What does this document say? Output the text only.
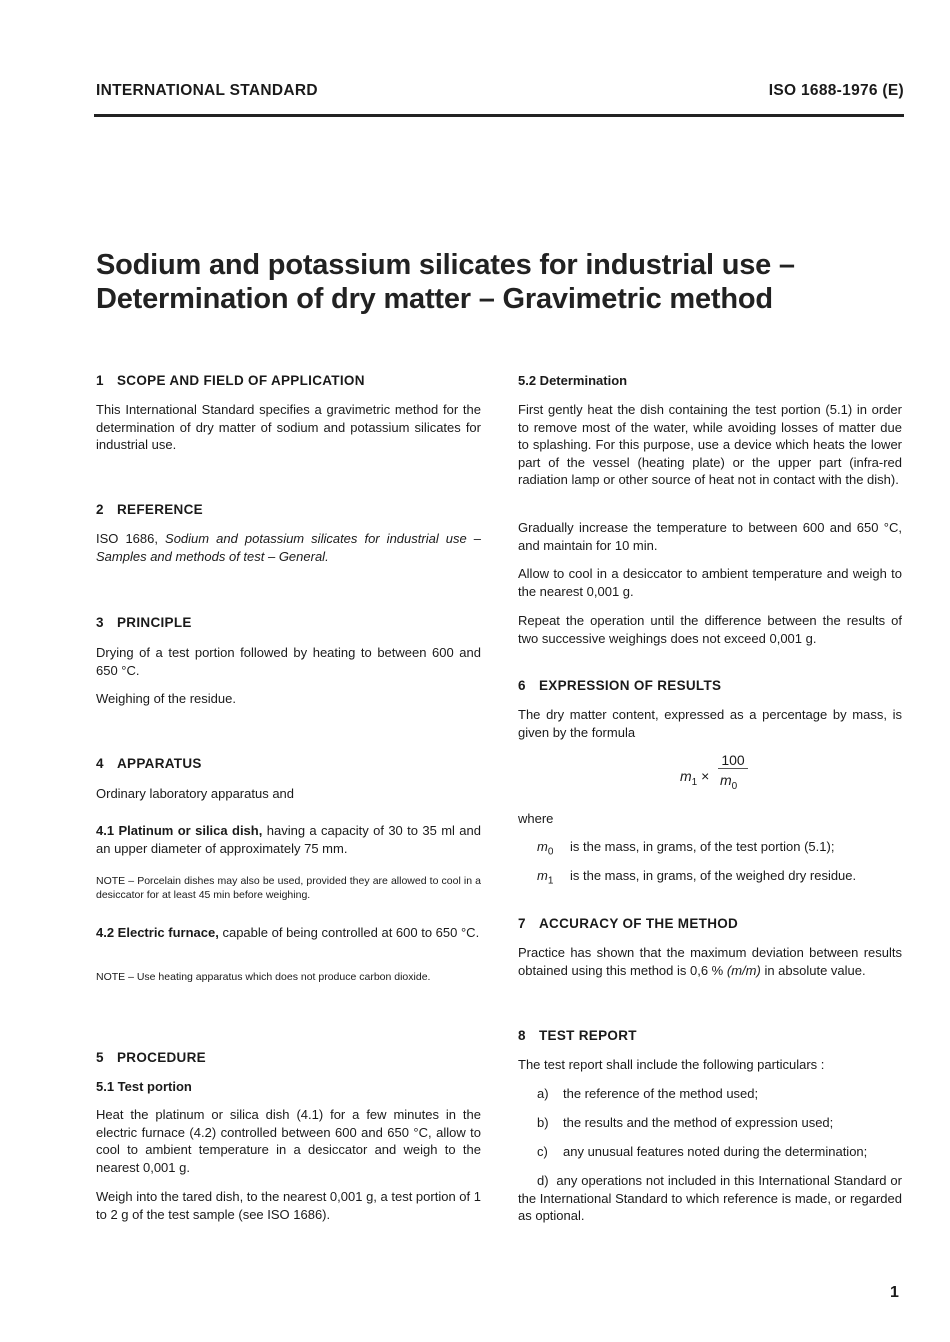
INTERNATIONAL STANDARD	ISO 1688-1976 (E)
Sodium and potassium silicates for industrial use –
Determination of dry matter – Gravimetric method
1 SCOPE AND FIELD OF APPLICATION
This International Standard specifies a gravimetric method for the determination of dry matter of sodium and potassium silicates for industrial use.
2 REFERENCE
ISO 1686, Sodium and potassium silicates for industrial use – Samples and methods of test – General.
3 PRINCIPLE
Drying of a test portion followed by heating to between 600 and 650 °C.
Weighing of the residue.
4 APPARATUS
Ordinary laboratory apparatus and
4.1 Platinum or silica dish, having a capacity of 30 to 35 ml and an upper diameter of approximately 75 mm.
NOTE – Porcelain dishes may also be used, provided they are allowed to cool in a desiccator for at least 45 min before weighing.
4.2 Electric furnace, capable of being controlled at 600 to 650 °C.
NOTE – Use heating apparatus which does not produce carbon dioxide.
5 PROCEDURE
5.1 Test portion
Heat the platinum or silica dish (4.1) for a few minutes in the electric furnace (4.2) controlled between 600 and 650 °C, allow to cool to ambient temperature in a desiccator and weigh to the nearest 0,001 g.
Weigh into the tared dish, to the nearest 0,001 g, a test portion of 1 to 2 g of the test sample (see ISO 1686).
5.2 Determination
First gently heat the dish containing the test portion (5.1) in order to remove most of the water, while avoiding losses of matter due to splashing. For this purpose, use a device which heats the lower part of the vessel (heating plate) or the upper part (infra-red radiation lamp or other source of heat not in contact with the dish).
Gradually increase the temperature to between 600 and 650 °C, and maintain for 10 min.
Allow to cool in a desiccator to ambient temperature and weigh to the nearest 0,001 g.
Repeat the operation until the difference between the results of two successive weighings does not exceed 0,001 g.
6 EXPRESSION OF RESULTS
The dry matter content, expressed as a percentage by mass, is given by the formula
$m_1$ ×
100
$m_0$
where
$m_0$ is the mass, in grams, of the test portion (5.1);
$m_1$ is the mass, in grams, of the weighed dry residue.
7 ACCURACY OF THE METHOD
Practice has shown that the maximum deviation between results obtained using this method is 0,6 % (m/m) in absolute value.
8 TEST REPORT
The test report shall include the following particulars :
a) the reference of the method used;
b) the results and the method of expression used;
c) any unusual features noted during the determination;
d) any operations not included in this International Standard or the International Standard to which reference is made, or regarded as optional.
1
